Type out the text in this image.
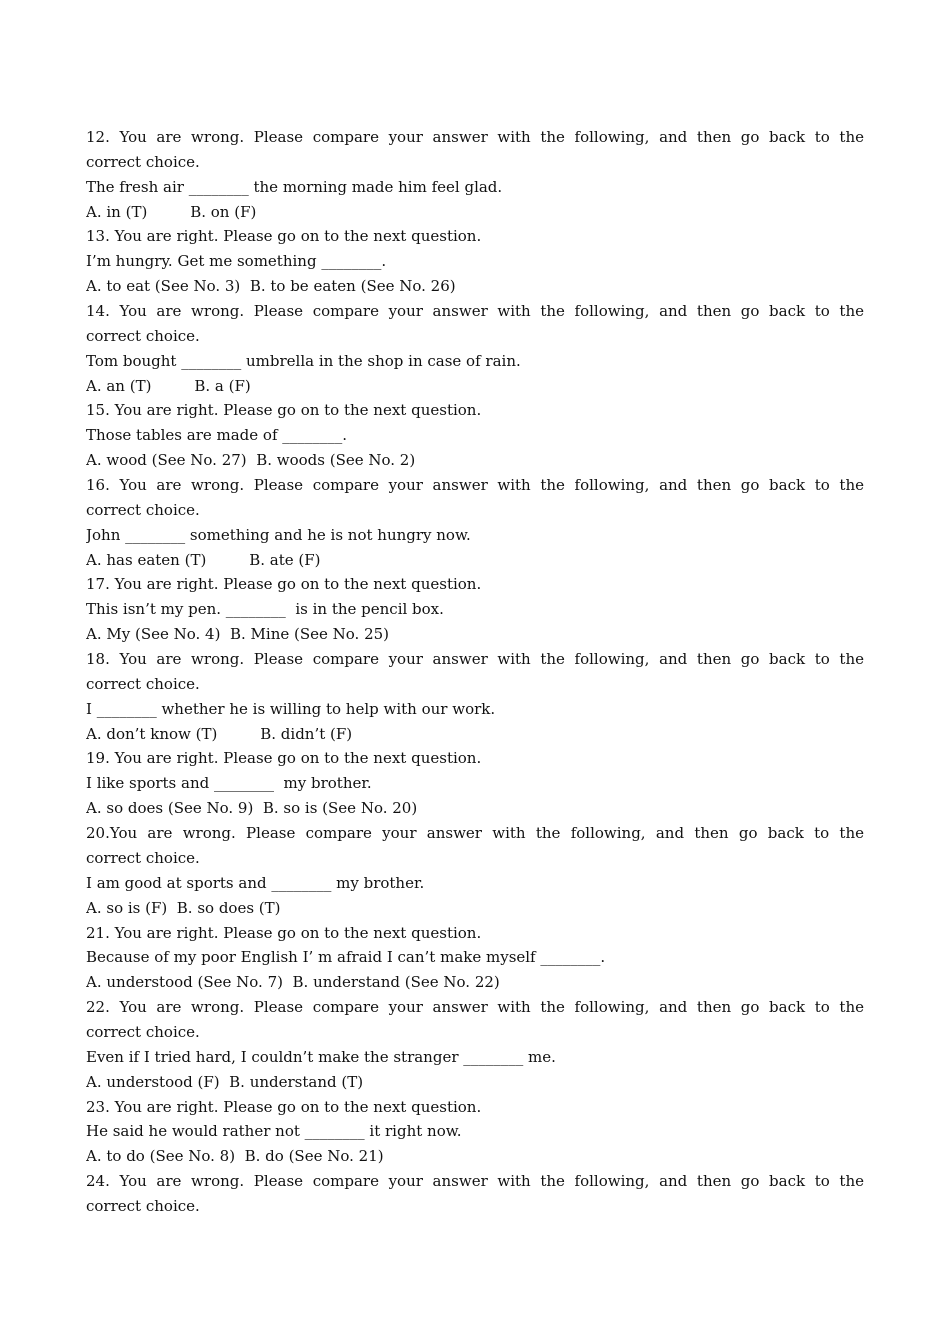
12. You are wrong. Please compare your answer with the following, and then go back to the
correct choice.
The fresh air ________ the morning made him feel glad.
A. in (T)         B. on (F)
13. You are right. Please go on to the next question.
I’m hungry. Get me something ________.
A. to eat (See No. 3)  B. to be eaten (See No. 26)
14. You are wrong. Please compare your answer with the following, and then go back to the
correct choice.
Tom bought ________ umbrella in the shop in case of rain.
A. an (T)         B. a (F)
15. You are right. Please go on to the next question.
Those tables are made of ________.
A. wood (See No. 27)  B. woods (See No. 2)
16. You are wrong. Please compare your answer with the following, and then go back to the
correct choice.
John ________ something and he is not hungry now.
A. has eaten (T)         B. ate (F)
17. You are right. Please go on to the next question.
This isn’t my pen. ________  is in the pencil box.
A. My (See No. 4)  B. Mine (See No. 25)
18. You are wrong. Please compare your answer with the following, and then go back to the
correct choice.
I ________ whether he is willing to help with our work.
A. don’t know (T)         B. didn’t (F)
19. You are right. Please go on to the next question.
I like sports and ________  my brother.
A. so does (See No. 9)  B. so is (See No. 20)
20.You are wrong. Please compare your answer with the following, and then go back to the
correct choice.
I am good at sports and ________ my brother.
A. so is (F)  B. so does (T)
21. You are right. Please go on to the next question.
Because of my poor English I’ m afraid I can’t make myself ________.
A. understood (See No. 7)  B. understand (See No. 22)
22. You are wrong. Please compare your answer with the following, and then go back to the
correct choice.
Even if I tried hard, I couldn’t make the stranger ________ me.
A. understood (F)  B. understand (T)
23. You are right. Please go on to the next question.
He said he would rather not ________ it right now.
A. to do (See No. 8)  B. do (See No. 21)
24. You are wrong. Please compare your answer with the following, and then go back to the
correct choice.
